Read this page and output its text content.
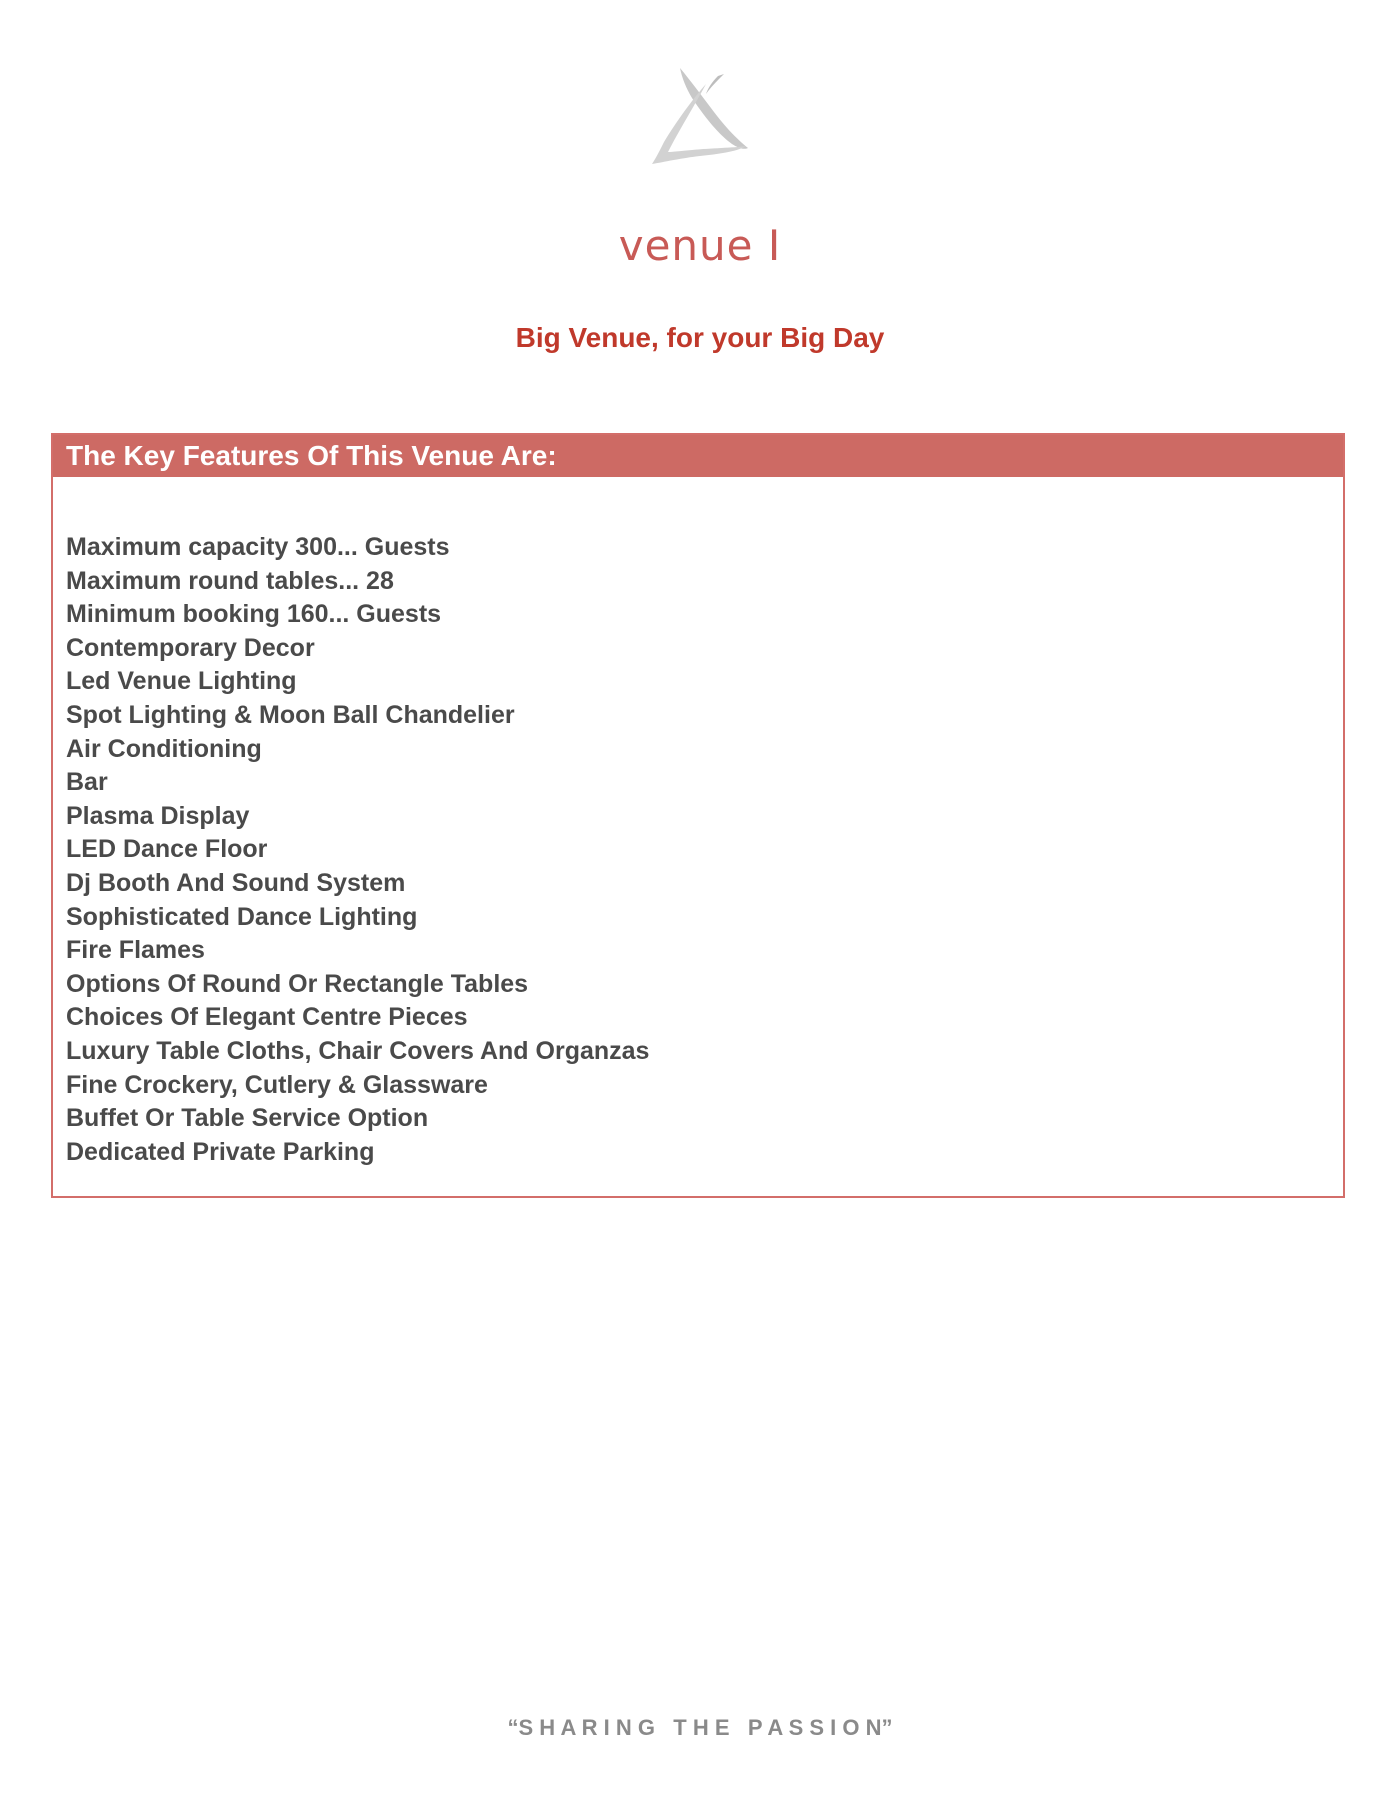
venue I
Big Venue, for your Big Day
The Key Features Of This Venue Are:
Maximum capacity 300... Guests
Maximum round tables... 28
Minimum booking 160... Guests
Contemporary Decor
Led Venue Lighting
Spot Lighting & Moon Ball Chandelier
Air Conditioning
Bar
Plasma Display
LED Dance Floor
Dj Booth And Sound System
Sophisticated Dance Lighting
Fire Flames
Options Of Round Or Rectangle Tables
Choices Of Elegant Centre Pieces
Luxury Table Cloths, Chair Covers And Organzas
Fine Crockery, Cutlery & Glassware
Buffet Or Table Service Option
Dedicated Private Parking
“S H A R I N G   T H E   P A S S I O N”
